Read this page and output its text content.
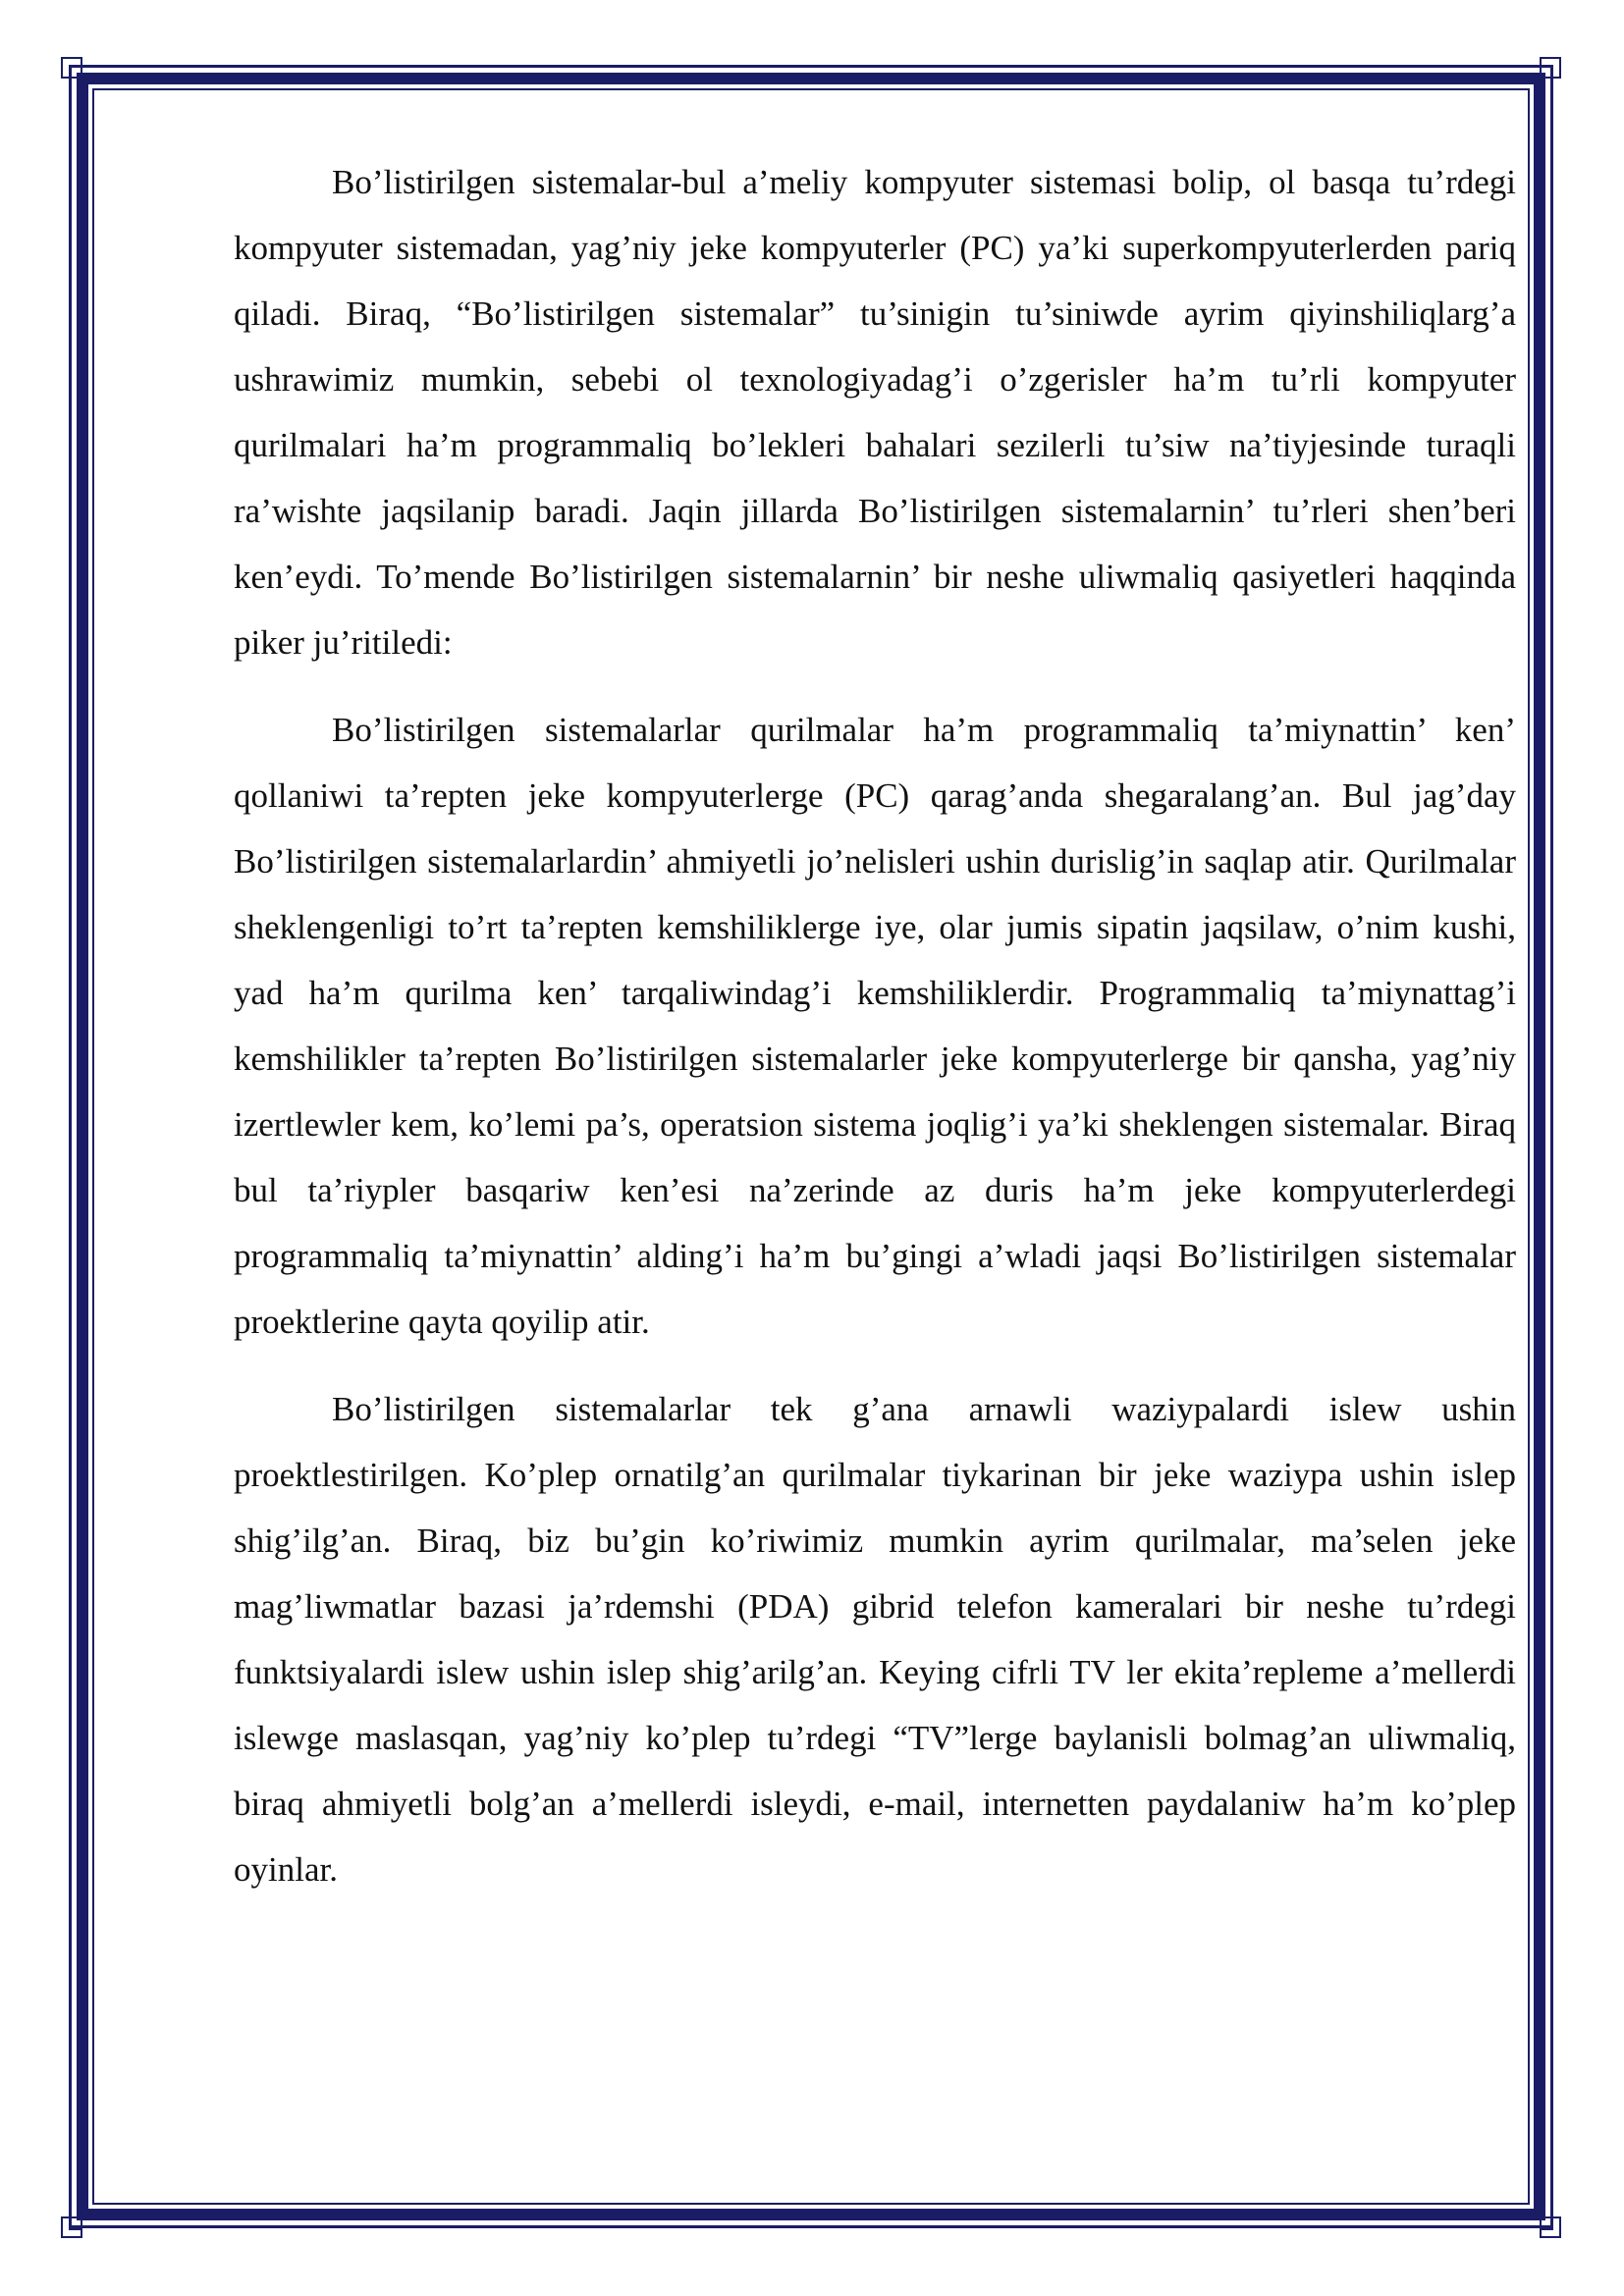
Bo’listirilgen sistemalar-bul a’meliy kompyuter sistemasi bolip, ol basqa tu’rdegi kompyuter sistemadan, yag’niy jeke kompyuterler (PC) ya’ki superkompyuterlerden pariq qiladi. Biraq, “Bo’listirilgen sistemalar” tu’sinigin tu’siniwde ayrim qiyinshiliqlarg’a ushrawimiz mumkin, sebebi ol texnologiyadag’i o’zgerisler ha’m tu’rli kompyuter qurilmalari ha’m programmaliq bo’lekleri bahalari sezilerli tu’siw na’tiyjesinde turaqli ra’wishte jaqsilanip baradi. Jaqin jillarda Bo’listirilgen sistemalarnin’ tu’rleri shen’beri ken’eydi. To’mende Bo’listirilgen sistemalarnin’ bir neshe uliwmaliq qasiyetleri haqqinda piker ju’ritiledi:

Bo’listirilgen sistemalarlar qurilmalar ha’m programmaliq ta’miynattin’ ken’ qollaniwi ta’repten jeke kompyuterlerge (PC) qarag’anda shegaralang’an. Bul jag’day Bo’listirilgen sistemalarlardin’ ahmiyetli jo’nelisleri ushin durislig’in saqlap atir. Qurilmalar sheklengenligi to’rt ta’repten kemshiliklerge iye, olar jumis sipatin jaqsilaw, o’nim kushi, yad ha’m qurilma ken’ tarqaliwindag’i kemshiliklerdir. Programmaliq ta’miynattag’i kemshilikler ta’repten Bo’listirilgen sistemalarler jeke kompyuterlerge bir qansha, yag’niy izertlewler kem, ko’lemi pa’s, operatsion sistema joqlig’i ya’ki sheklengen sistemalar. Biraq bul ta’riypler basqariw ken’esi na’zerinde az duris ha’m jeke kompyuterlerdegi programmaliq ta’miynattin’ alding’i ha’m bu’gingi a’wladi jaqsi Bo’listirilgen sistemalar proektlerine qayta qoyilip atir.

Bo’listirilgen sistemalarlar tek g’ana arnawli waziypalardi islew ushin proektlestirilgen. Ko’plep ornatilg’an qurilmalar tiykarinan bir jeke waziypa ushin islep shig’ilg’an. Biraq, biz bu’gin ko’riwimiz mumkin ayrim qurilmalar, ma’selen jeke mag’liwmatlar bazasi ja’rdemshi (PDA) gibrid telefon kameralari bir neshe tu’rdegi funktsiyalardi islew ushin islep shig’arilg’an. Keying cifrli TV ler ekita’repleme a’mellerdi islewge maslasqan, yag’niy ko’plep tu’rdegi “TV”lerge baylanisli bolmag’an uliwmaliq, biraq ahmiyetli bolg’an a’mellerdi isleydi, e-mail, internetten paydalaniw ha’m ko’plep oyinlar.
